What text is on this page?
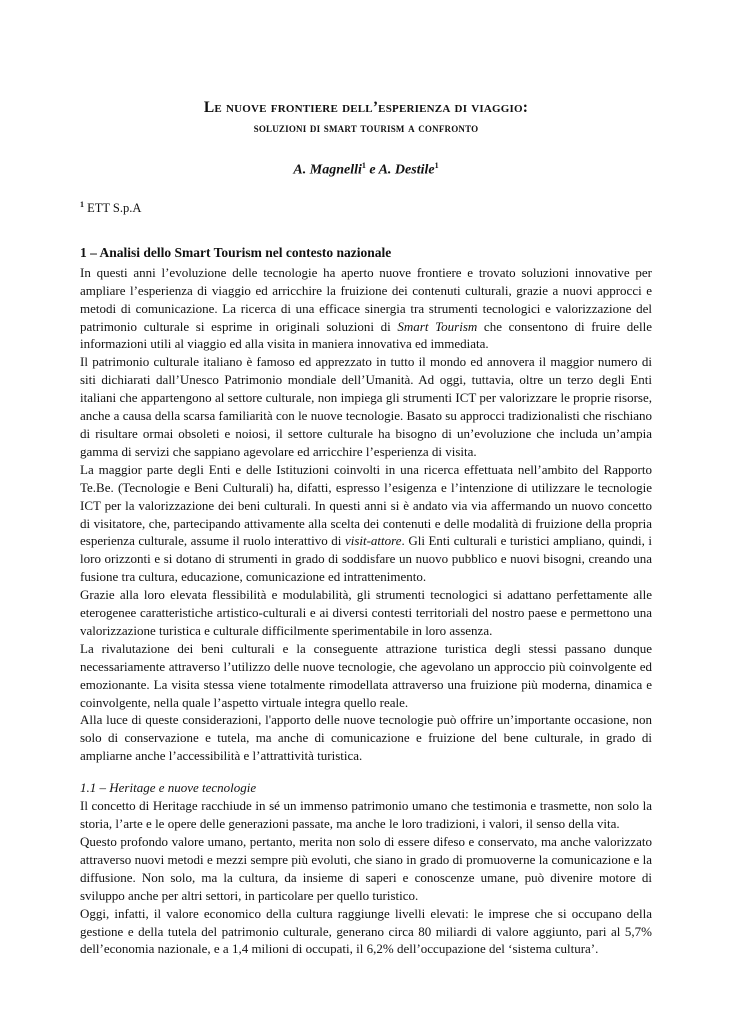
Le nuove frontiere dell’esperienza di viaggio:
soluzioni di smart tourism a confronto
A. Magnelli$^1$ e A. Destile$^1$
$^1$ ETT S.p.A
1 – Analisi dello Smart Tourism nel contesto nazionale

In questi anni l’evoluzione delle tecnologie ha aperto nuove frontiere e trovato soluzioni innovative per ampliare l’esperienza di viaggio ed arricchire la fruizione dei contenuti culturali, grazie a nuovi approcci e metodi di comunicazione. La ricerca di una efficace sinergia tra strumenti tecnologici e valorizzazione del patrimonio culturale si esprime in originali soluzioni di Smart Tourism che consentono di fruire delle informazioni utili al viaggio ed alla visita in maniera innovativa ed immediata.

Il patrimonio culturale italiano è famoso ed apprezzato in tutto il mondo ed annovera il maggior numero di siti dichiarati dall’Unesco Patrimonio mondiale dell’Umanità. Ad oggi, tuttavia, oltre un terzo degli Enti italiani che appartengono al settore culturale, non impiega gli strumenti ICT per valorizzare le proprie risorse, anche a causa della scarsa familiarità con le nuove tecnologie. Basato su approcci tradizionalisti che rischiano di risultare ormai obsoleti e noiosi, il settore culturale ha bisogno di un’evoluzione che includa un’ampia gamma di servizi che sappiano agevolare ed arricchire l’esperienza di visita.

La maggior parte degli Enti e delle Istituzioni coinvolti in una ricerca effettuata nell’ambito del Rapporto Te.Be. (Tecnologie e Beni Culturali) ha, difatti, espresso l’esigenza e l’intenzione di utilizzare le tecnologie ICT per la valorizzazione dei beni culturali. In questi anni si è andato via via affermando un nuovo concetto di visitatore, che, partecipando attivamente alla scelta dei contenuti e delle modalità di fruizione della propria esperienza culturale, assume il ruolo interattivo di visit-attore. Gli Enti culturali e turistici ampliano, quindi, i loro orizzonti e si dotano di strumenti in grado di soddisfare un nuovo pubblico e nuovi bisogni, creando una fusione tra cultura, educazione, comunicazione ed intrattenimento.

Grazie alla loro elevata flessibilità e modulabilità, gli strumenti tecnologici si adattano perfettamente alle eterogenee caratteristiche artistico-culturali e ai diversi contesti territoriali del nostro paese e permettono una valorizzazione turistica e culturale difficilmente sperimentabile in loro assenza.

La rivalutazione dei beni culturali e la conseguente attrazione turistica degli stessi passano dunque necessariamente attraverso l’utilizzo delle nuove tecnologie, che agevolano un approccio più coinvolgente ed emozionante. La visita stessa viene totalmente rimodellata attraverso una fruizione più moderna, dinamica e coinvolgente, nella quale l’aspetto virtuale integra quello reale.

Alla luce di queste considerazioni, l'apporto delle nuove tecnologie può offrire un’importante occasione, non solo di conservazione e tutela, ma anche di comunicazione e fruizione del bene culturale, in grado di ampliarne anche l’accessibilità e l’attrattività turistica.

1.1 – Heritage e nuove tecnologie

Il concetto di Heritage racchiude in sé un immenso patrimonio umano che testimonia e trasmette, non solo la storia, l’arte e le opere delle generazioni passate, ma anche le loro tradizioni, i valori, il senso della vita.

Questo profondo valore umano, pertanto, merita non solo di essere difeso e conservato, ma anche valorizzato attraverso nuovi metodi e mezzi sempre più evoluti, che siano in grado di promuoverne la comunicazione e la diffusione. Non solo, ma la cultura, da insieme di saperi e conoscenze umane, può divenire motore di sviluppo anche per altri settori, in particolare per quello turistico.

Oggi, infatti, il valore economico della cultura raggiunge livelli elevati: le imprese che si occupano della gestione e della tutela del patrimonio culturale, generano circa 80 miliardi di valore aggiunto, pari al 5,7% dell’economia nazionale, e a 1,4 milioni di occupati, il 6,2% dell’occupazione del ‘sistema cultura’.
